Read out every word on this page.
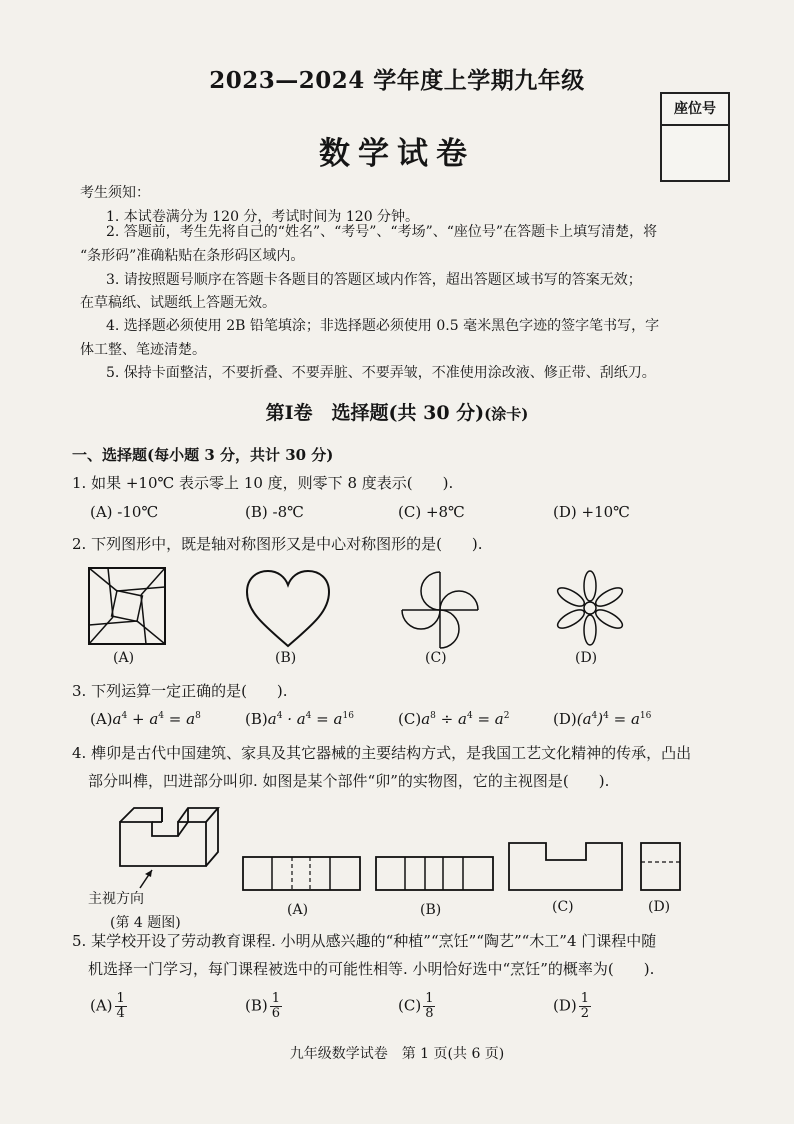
2023—2024 学年度上学期九年级
数学试卷
座位号
考生须知：
1. 本试卷满分为 120 分，考试时间为 120 分钟。
2. 答题前，考生先将自己的“姓名”、“考号”、“考场”、“座位号”在答题卡上填写清楚，将
“条形码”准确粘贴在条形码区域内。
3. 请按照题号顺序在答题卡各题目的答题区域内作答，超出答题区域书写的答案无效；
在草稿纸、试题纸上答题无效。
4. 选择题必须使用 2B 铅笔填涂；非选择题必须使用 0.5 毫米黑色字迹的签字笔书写，字
体工整、笔迹清楚。
5. 保持卡面整洁，不要折叠、不要弄脏、不要弄皱，不准使用涂改液、修正带、刮纸刀。
第Ⅰ卷　选择题(共 30 分)(涂卡)
一、选择题(每小题 3 分，共计 30 分)
1. 如果 +10℃ 表示零上 10 度，则零下 8 度表示(　　).
(A) -10℃	(B) -8℃	(C) +8℃	(D) +10℃
2. 下列图形中，既是轴对称图形又是中心对称图形的是(　　).
(A)	(B)	(C)	(D)
3. 下列运算一定正确的是(　　).
$(A)a^4 + a^4 = a^8$	$(B)a^4 \cdot a^4 = a^{16}$	$(C)a^8 \div a^4 = a^2$	$(D)(a^4)^4 = a^{16}$
4. 榫卯是古代中国建筑、家具及其它器械的主要结构方式，是我国工艺文化精神的传承，凸出
部分叫榫，凹进部分叫卯. 如图是某个部件“卯”的实物图，它的主视图是(　　).
主视方向
(第 4 题图)
(A)	(B)	(C)	(D)
5. 某学校开设了劳动教育课程. 小明从感兴趣的“种植”“烹饪”“陶艺”“木工”4 门课程中随
机选择一门学习，每门课程被选中的可能性相等. 小明恰好选中“烹饪”的概率为(　　).
$(A) \frac{1}{4}$	$(B) \frac{1}{6}$	$(C) \frac{1}{8}$	$(D) \frac{1}{2}$
九年级数学试卷　第 1 页(共 6 页)
